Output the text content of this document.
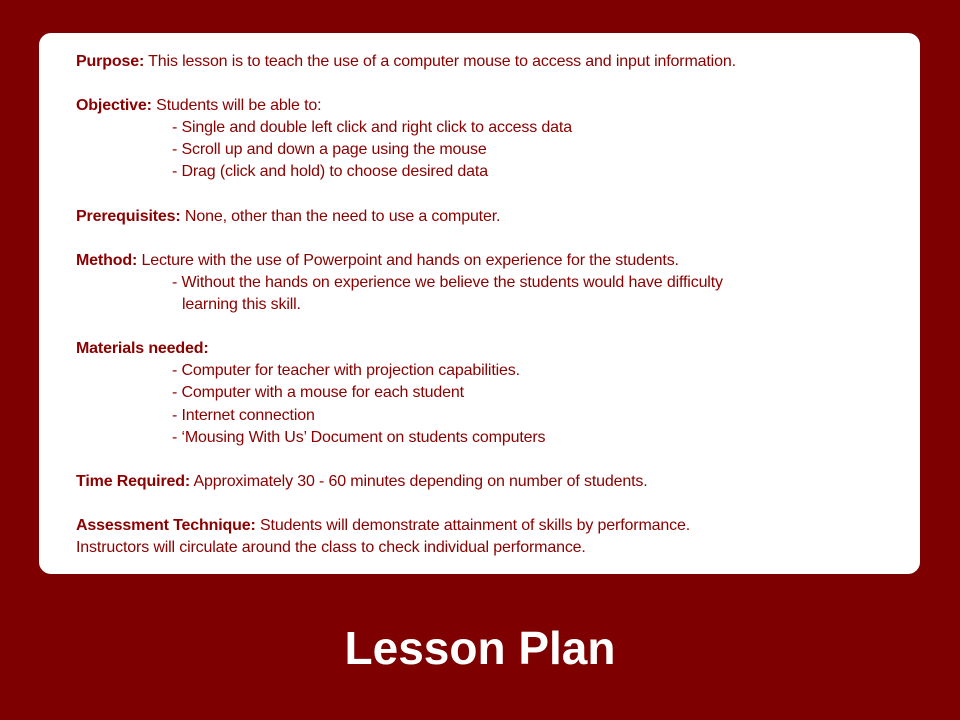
Purpose: This lesson is to teach the use of a computer mouse to access and input information.
Objective: Students will be able to:
- Single and double left click and right click to access data
- Scroll up and down a page using the mouse
- Drag (click and hold) to choose desired data
Prerequisites: None, other than the need to use a computer.
Method: Lecture with the use of Powerpoint and hands on experience for the students.
- Without the hands on experience we believe the students would have difficulty
learning this skill.
Materials needed:
- Computer for teacher with projection capabilities.
- Computer with a mouse for each student
- Internet connection
- ‘Mousing With Us’ Document on students computers
Time Required: Approximately 30 - 60 minutes depending on number of students.
Assessment Technique: Students will demonstrate attainment of skills by performance.
Instructors will circulate around the class to check individual performance.
Lesson Plan
